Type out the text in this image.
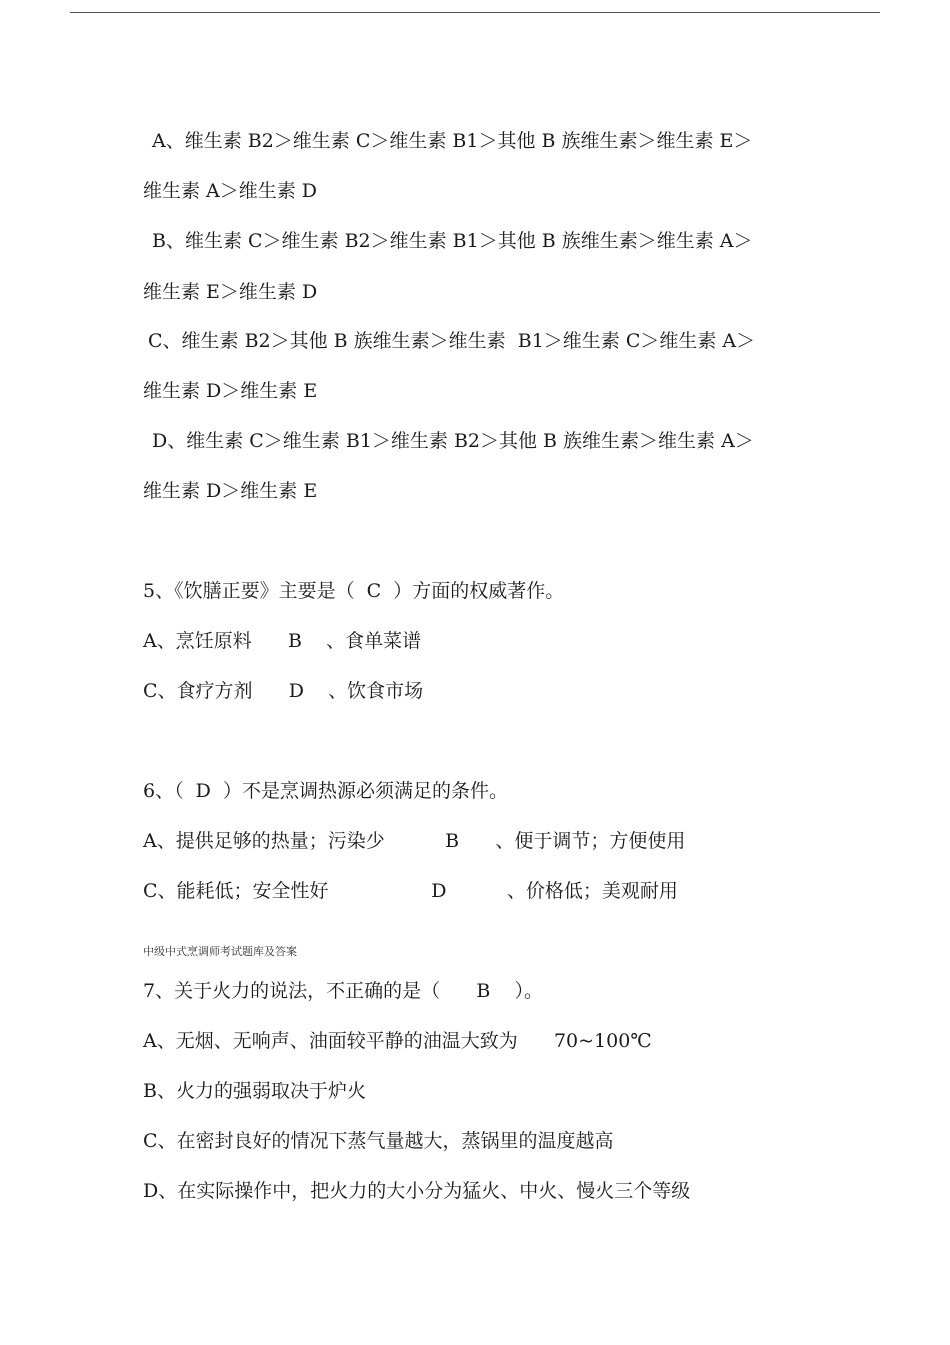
A、维生素 B2＞维生素 C＞维生素 B1＞其他 B 族维生素＞维生素 E＞
维生素 A＞维生素 D
B、维生素 C＞维生素 B2＞维生素 B1＞其他 B 族维生素＞维生素 A＞
维生素 E＞维生素 D
C、维生素 B2＞其他 B 族维生素＞维生素  B1＞维生素 C＞维生素 A＞
维生素 D＞维生素 E
D、维生素 C＞维生素 B1＞维生素 B2＞其他 B 族维生素＞维生素 A＞
维生素 D＞维生素 E
5、《饮膳正要》主要是（  C  ）方面的权威著作。
A、烹饪原料      B    、食单菜谱
C、食疗方剂      D    、饮食市场
6、（  D  ）不是烹调热源必须满足的条件。
A、提供足够的热量；污染少          B      、便于调节；方便使用
C、能耗低；安全性好                 D          、价格低；美观耐用
中级中式烹调师考试题库及答案
7、关于火力的说法，不正确的是（      B    ）。
A、无烟、无响声、油面较平静的油温大致为      70~100℃
B、火力的强弱取决于炉火
C、在密封良好的情况下蒸气量越大，蒸锅里的温度越高
D、在实际操作中，把火力的大小分为猛火、中火、慢火三个等级
